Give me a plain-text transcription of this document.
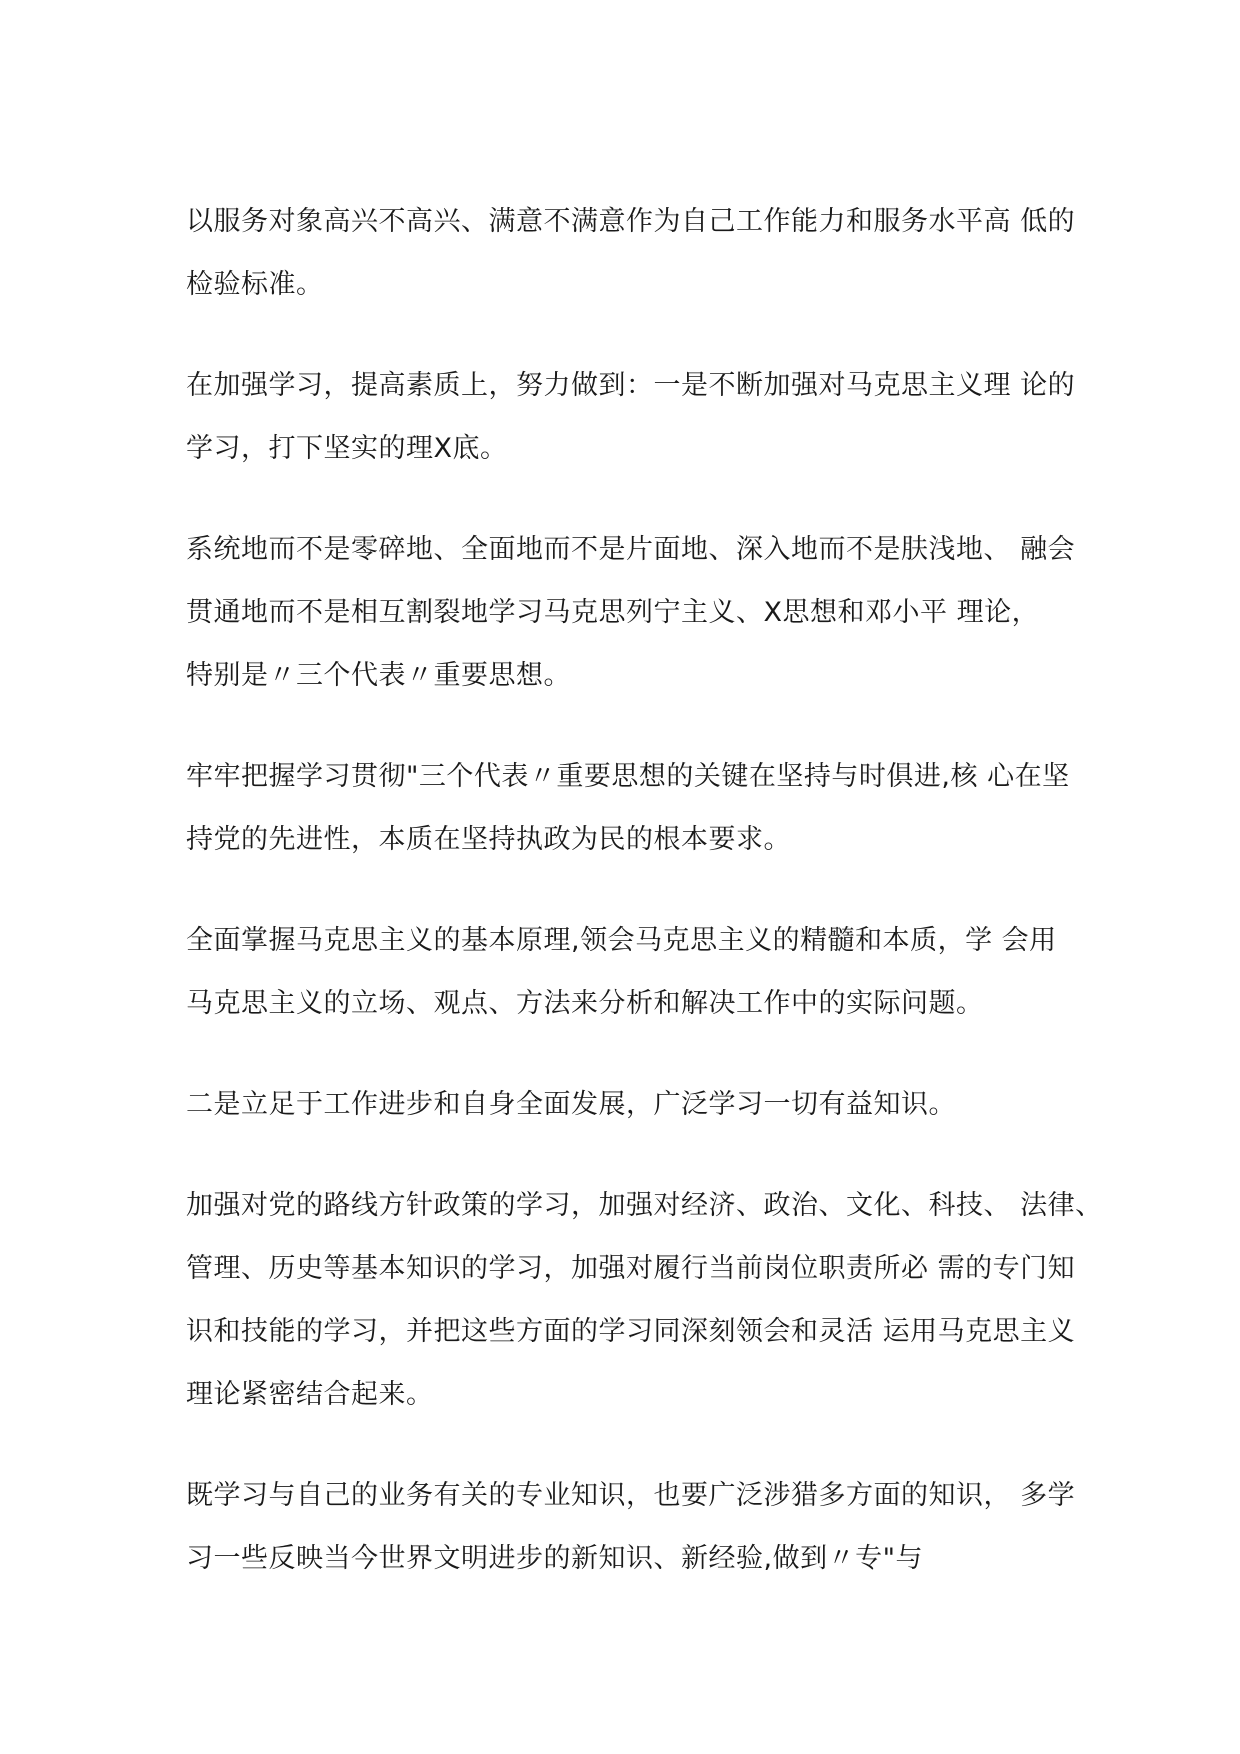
以服务对象高兴不高兴、满意不满意作为自己工作能力和服务水平高 低的
检验标准。

在加强学习，提高素质上，努力做到：一是不断加强对马克思主义理 论的
学习，打下坚实的理X底。

系统地而不是零碎地、全面地而不是片面地、深入地而不是肤浅地、 融会
贯通地而不是相互割裂地学习马克思列宁主义、X思想和邓小平 理论，
特别是〃三个代表〃重要思想。

牢牢把握学习贯彻"三个代表〃重要思想的关键在坚持与时俱进,核 心在坚
持党的先进性，本质在坚持执政为民的根本要求。

全面掌握马克思主义的基本原理,领会马克思主义的精髓和本质，学 会用
马克思主义的立场、观点、方法来分析和解决工作中的实际问题。

二是立足于工作进步和自身全面发展，广泛学习一切有益知识。

加强对党的路线方针政策的学习，加强对经济、政治、文化、科技、 法律、
管理、历史等基本知识的学习，加强对履行当前岗位职责所必 需的专门知
识和技能的学习，并把这些方面的学习同深刻领会和灵活 运用马克思主义
理论紧密结合起来。

既学习与自己的业务有关的专业知识，也要广泛涉猎多方面的知识， 多学
习一些反映当今世界文明进步的新知识、新经验,做到〃专"与
